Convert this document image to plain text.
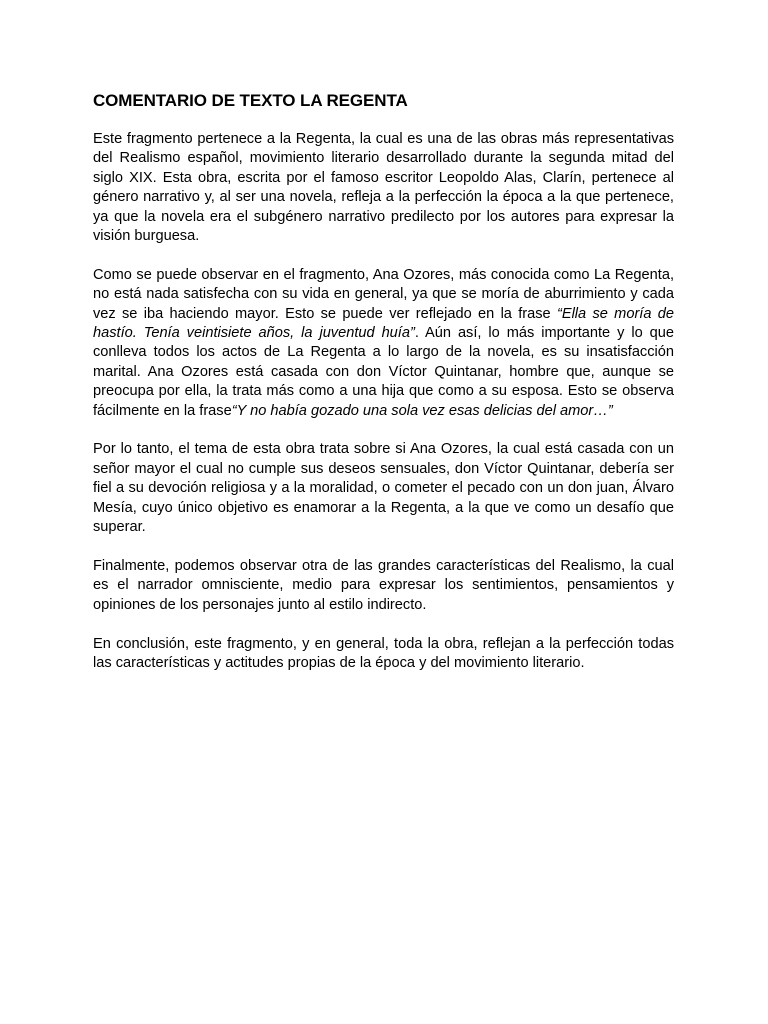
COMENTARIO DE TEXTO LA REGENTA

Este fragmento pertenece a la Regenta, la cual es una de las obras más representativas del Realismo español, movimiento literario desarrollado durante la segunda mitad del siglo XIX. Esta obra, escrita por el famoso escritor Leopoldo Alas, Clarín, pertenece al género narrativo y, al ser una novela, refleja a la perfección la época a la que pertenece, ya que la novela era el subgénero narrativo predilecto por los autores para expresar la visión burguesa.

Como se puede observar en el fragmento, Ana Ozores, más conocida como La Regenta, no está nada satisfecha con su vida en general, ya que se moría de aburrimiento y cada vez se iba haciendo mayor. Esto se puede ver reflejado en la frase “Ella se moría de hastío. Tenía veintisiete años, la juventud huía”. Aún así, lo más importante y lo que conlleva todos los actos de La Regenta a lo largo de la novela, es su insatisfacción marital. Ana Ozores está casada con don Víctor Quintanar, hombre que, aunque se preocupa por ella, la trata más como a una hija que como a su esposa. Esto se observa fácilmente en la frase“Y no había gozado una sola vez esas delicias del amor…”

Por lo tanto, el tema de esta obra trata sobre si Ana Ozores, la cual está casada con un señor mayor el cual no cumple sus deseos sensuales, don Víctor Quintanar, debería ser fiel a su devoción religiosa y a la moralidad, o cometer el pecado con un don juan, Álvaro Mesía, cuyo único objetivo es enamorar a la Regenta, a la que ve como un desafío que superar.

Finalmente, podemos observar otra de las grandes características del Realismo, la cual es el narrador omnisciente, medio para expresar los sentimientos, pensamientos y opiniones de los personajes junto al estilo indirecto.

En conclusión, este fragmento, y en general, toda la obra, reflejan a la perfección todas las características y actitudes propias de la época y del movimiento literario.
